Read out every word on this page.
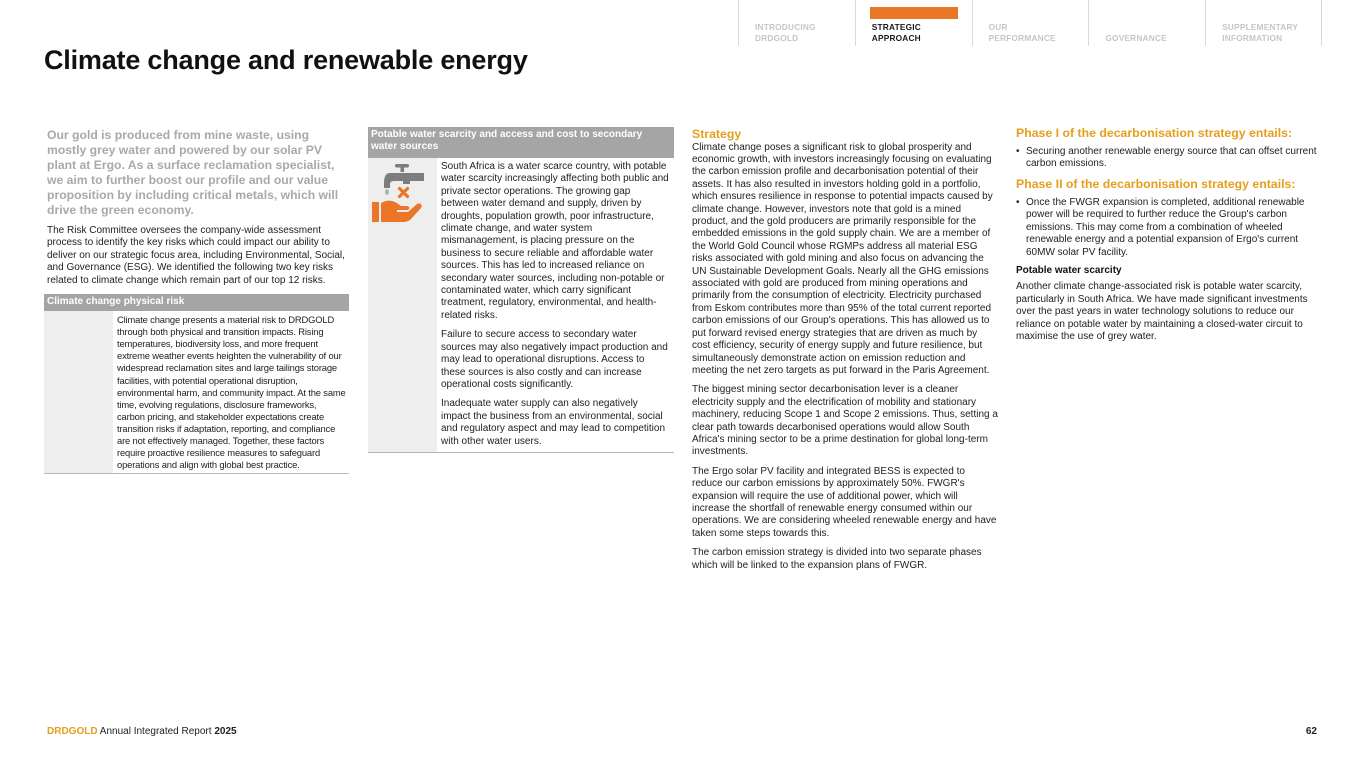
INTRODUCING
DRDGOLD
STRATEGIC
APPROACH
OUR
PERFORMANCE	GOVERNANCE
SUPPLEMENTARY
INFORMATION
Climate change and renewable energy

Our gold is produced from mine waste, using mostly grey water and powered by our solar PV plant at Ergo. As a surface reclamation specialist, we aim to further boost our profile and our value proposition by including critical metals, which will drive the green economy.

The Risk Committee oversees the company-wide assessment process to identify the key risks which could impact our ability to deliver on our strategic focus area, including Environmental, Social, and Governance (ESG). We identified the following two key risks related to climate change which remain part of our top 12 risks.

Climate change physical risk

Climate change presents a material risk to DRDGOLD through both physical and transition impacts. Rising temperatures, biodiversity loss, and more frequent extreme weather events heighten the vulnerability of our widespread reclamation sites and large tailings storage facilities, with potential operational disruption, environmental harm, and community impact. At the same time, evolving regulations, disclosure frameworks, carbon pricing, and stakeholder expectations create transition risks if adaptation, reporting, and compliance are not effectively managed. Together, these factors require proactive resilience measures to safeguard operations and align with global best practice.

Potable water scarcity and access and cost to secondary water sources

South Africa is a water scarce country, with potable water scarcity increasingly affecting both public and private sector operations. The growing gap between water demand and supply, driven by droughts, population growth, poor infrastructure, climate change, and water system mismanagement, is placing pressure on the business to secure reliable and affordable water sources. This has led to increased reliance on secondary water sources, including non-potable or contaminated water, which carry significant treatment, regulatory, environmental, and health-related risks.

Failure to secure access to secondary water sources may also negatively impact production and may lead to operational disruptions. Access to these sources is also costly and can increase operational costs significantly.

Inadequate water supply can also negatively impact the business from an environmental, social and regulatory aspect and may lead to competition with other water users.

Strategy

Climate change poses a significant risk to global prosperity and economic growth, with investors increasingly focusing on evaluating the carbon emission profile and decarbonisation potential of their assets. It has also resulted in investors holding gold in a portfolio, which ensures resilience in response to potential impacts caused by climate change. However, investors note that gold is a mined product, and the gold producers are primarily responsible for the embedded emissions in the gold supply chain. We are a member of the World Gold Council whose RGMPs address all material ESG risks associated with gold mining and also focus on advancing the UN Sustainable Development Goals. Nearly all the GHG emissions associated with gold are produced from mining operations and primarily from the consumption of electricity. Electricity purchased from Eskom contributes more than 95% of the total current reported carbon emissions of our Group's operations. This has allowed us to put forward revised energy strategies that are driven as much by cost efficiency, security of energy supply and future resilience, but simultaneously demonstrate action on emission reduction and meeting the net zero targets as put forward in the Paris Agreement.

The biggest mining sector decarbonisation lever is a cleaner electricity supply and the electrification of mobility and stationary machinery, reducing Scope 1 and Scope 2 emissions. Thus, setting a clear path towards decarbonised operations would allow South Africa's mining sector to be a prime destination for global long-term investments.

The Ergo solar PV facility and integrated BESS is expected to reduce our carbon emissions by approximately 50%. FWGR's expansion will require the use of additional power, which will increase the shortfall of renewable energy consumed within our operations. We are considering wheeled renewable energy and have taken some steps towards this.

The carbon emission strategy is divided into two separate phases which will be linked to the expansion plans of FWGR.

Phase I of the decarbonisation strategy entails:
• Securing another renewable energy source that can offset current carbon emissions.
Phase II of the decarbonisation strategy entails:
• Once the FWGR expansion is completed, additional renewable power will be required to further reduce the Group's carbon emissions. This may come from a combination of wheeled renewable energy and a potential expansion of Ergo's current 60MW solar PV facility.
Potable water scarcity

Another climate change-associated risk is potable water scarcity, particularly in South Africa. We have made significant investments over the past years in water technology solutions to reduce our reliance on potable water by maintaining a closed-water circuit to maximise the use of grey water.

DRDGOLD Annual Integrated Report 2025	62
